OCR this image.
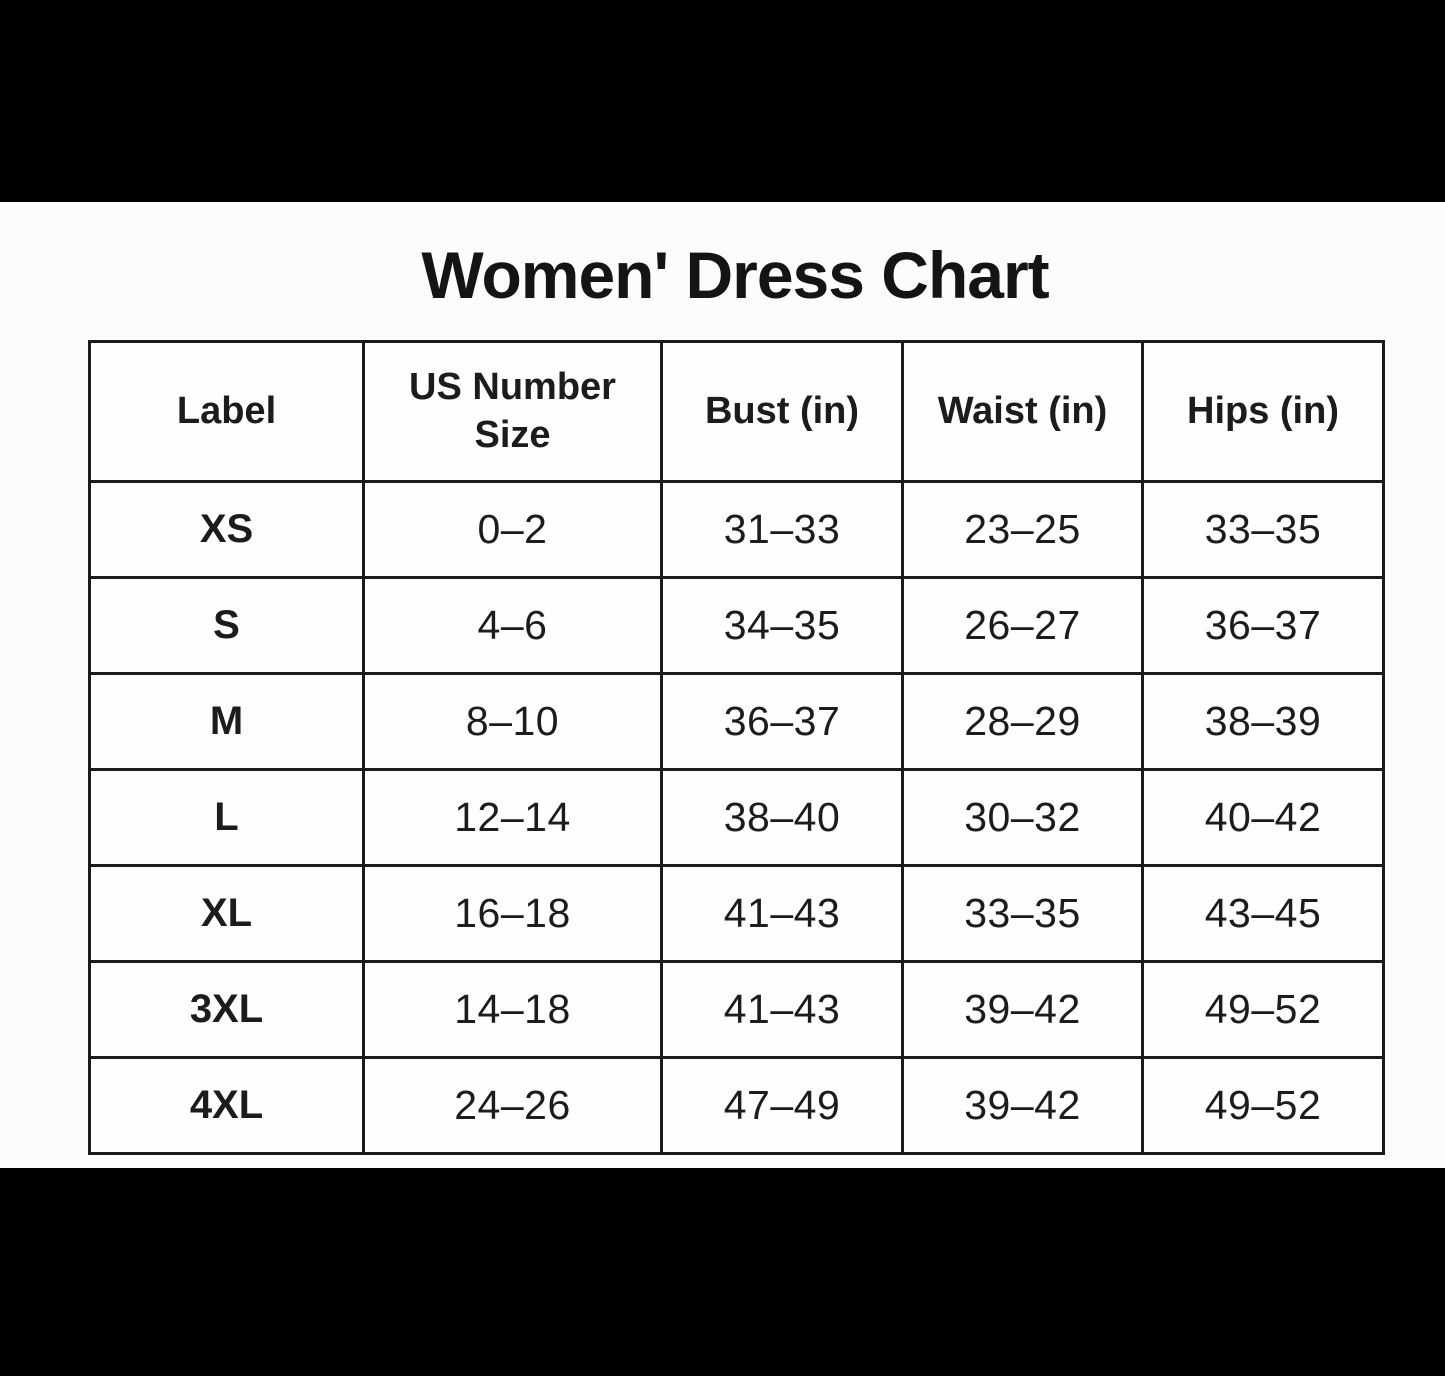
Women' Dress Chart
Label	US Number Size	Bust (in)	Waist (in)	Hips (in)
XS	0–2	31–33	23–25	33–35
S	4–6	34–35	26–27	36–37
M	8–10	36–37	28–29	38–39
L	12–14	38–40	30–32	40–42
XL	16–18	41–43	33–35	43–45
3XL	14–18	41–43	39–42	49–52
4XL	24–26	47–49	39–42	49–52
